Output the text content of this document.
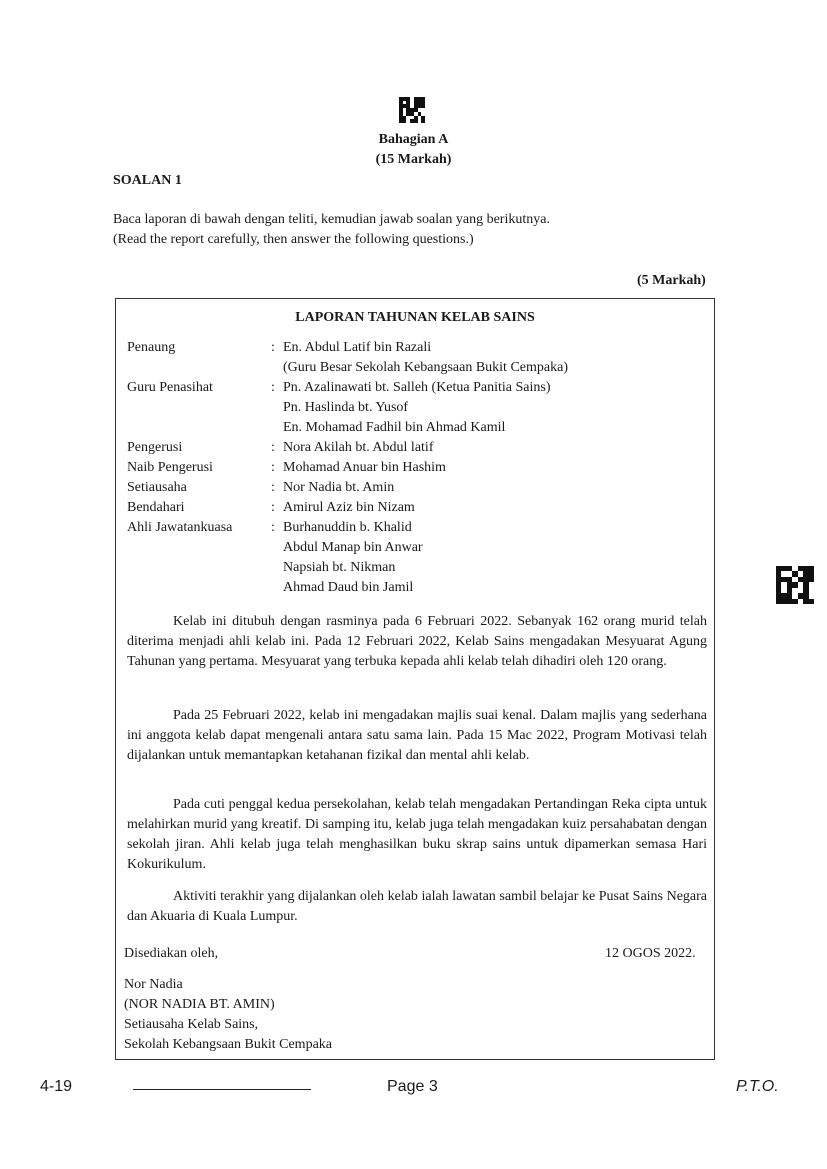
Bahagian A
(15 Markah)
SOALAN 1
Baca laporan di bawah dengan teliti, kemudian jawab soalan yang berikutnya.
(Read the report carefully, then answer the following questions.)
(5 Markah)
LAPORAN TAHUNAN KELAB SAINS
Penaung	: En. Abdul Latif bin Razali
(Guru Besar Sekolah Kebangsaan Bukit Cempaka)
Guru Penasihat	: Pn. Azalinawati bt. Salleh (Ketua Panitia Sains)
Pn. Haslinda bt. Yusof
En. Mohamad Fadhil bin Ahmad Kamil
Pengerusi	: Nora Akilah bt. Abdul latif
Naib Pengerusi	: Mohamad Anuar bin Hashim
Setiausaha	: Nor Nadia bt. Amin
Bendahari	: Amirul Aziz bin Nizam
Ahli Jawatankuasa	: Burhanuddin b. Khalid
Abdul Manap bin Anwar
Napsiah bt. Nikman
Ahmad Daud bin Jamil

Kelab ini ditubuh dengan rasminya pada 6 Februari 2022. Sebanyak 162 orang murid telah diterima menjadi ahli kelab ini. Pada 12 Februari 2022, Kelab Sains mengadakan Mesyuarat Agung Tahunan yang pertama. Mesyuarat yang terbuka kepada ahli kelab telah dihadiri oleh 120 orang.

Pada 25 Februari 2022, kelab ini mengadakan majlis suai kenal. Dalam majlis yang sederhana ini anggota kelab dapat mengenali antara satu sama lain. Pada 15 Mac 2022, Program Motivasi telah dijalankan untuk memantapkan ketahanan fizikal dan mental ahli kelab.

Pada cuti penggal kedua persekolahan, kelab telah mengadakan Pertandingan Reka cipta untuk melahirkan murid yang kreatif. Di samping itu, kelab juga telah mengadakan kuiz persahabatan dengan sekolah jiran. Ahli kelab juga telah menghasilkan buku skrap sains untuk dipamerkan semasa Hari Kokurikulum.

Aktiviti terakhir yang dijalankan oleh kelab ialah lawatan sambil belajar ke Pusat Sains Negara dan Akuaria di Kuala Lumpur.

Disediakan oleh,	12 OGOS 2022.
Nor Nadia
(NOR NADIA BT. AMIN)
Setiausaha Kelab Sains,
Sekolah Kebangsaan Bukit Cempaka
4-19	Page 3	P.T.O.
